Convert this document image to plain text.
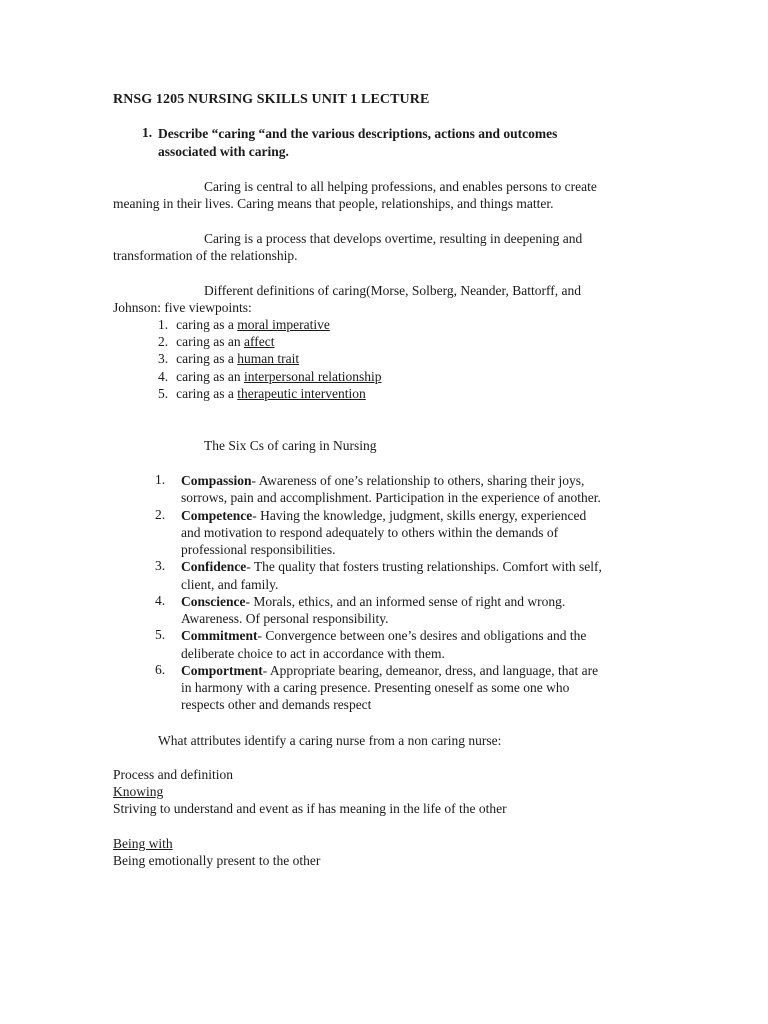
RNSG 1205 NURSING SKILLS UNIT 1 LECTURE
1. Describe “caring “and the various descriptions, actions and outcomes
associated with caring.
Caring is central to all helping professions, and enables persons to create
meaning in their lives. Caring means that people, relationships, and things matter.
Caring is a process that develops overtime, resulting in deepening and
transformation of the relationship.
Different definitions of caring(Morse, Solberg, Neander, Battorff, and
Johnson: five viewpoints:
1. caring as a moral imperative
2. caring as an affect
3. caring as a human trait
4. caring as an interpersonal relationship
5. caring as a therapeutic intervention
The Six Cs of caring in Nursing
1. Compassion- Awareness of one’s relationship to others, sharing their joys,
sorrows, pain and accomplishment. Participation in the experience of another.
2. Competence- Having the knowledge, judgment, skills energy, experienced
and motivation to respond adequately to others within the demands of
professional responsibilities.
3. Confidence- The quality that fosters trusting relationships. Comfort with self,
client, and family.
4. Conscience- Morals, ethics, and an informed sense of right and wrong.
Awareness. Of personal responsibility.
5. Commitment- Convergence between one’s desires and obligations and the
deliberate choice to act in accordance with them.
6. Comportment- Appropriate bearing, demeanor, dress, and language, that are
in harmony with a caring presence. Presenting oneself as some one who
respects other and demands respect
What attributes identify a caring nurse from a non caring nurse:
Process and definition
Knowing
Striving to understand and event as if has meaning in the life of the other
Being with
Being emotionally present to the other
